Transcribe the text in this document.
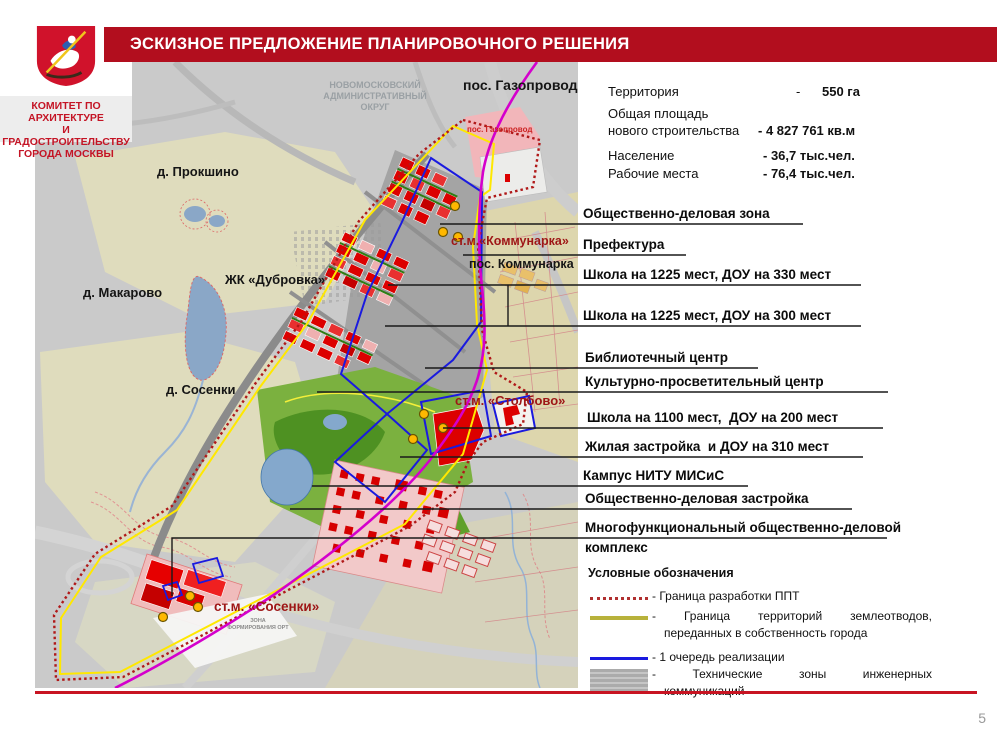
НОВОМОСКОВСКИЙ
АДМИНИСТРАТИВНЫЙ
ОКРУГ
пос. Газопровод
пос. Газопровод
д. Прокшино
ЖК «Дубровка»
д. Макарово
д. Сосенки
ст.м.«Коммунарка»
пос. Коммунарка
ст.м. «Столбово»
ст.м. «Сосенки»
ЗОНА
ФОРМИРОВАНИЯ ОРТ
КОМИТЕТ ПО АРХИТЕКТУРЕ
И ГРАДОСТРОИТЕЛЬСТВУ
ГОРОДА МОСКВЫ
ЭСКИЗНОЕ ПРЕДЛОЖЕНИЕ ПЛАНИРОВОЧНОГО РЕШЕНИЯ
Территория	- 550 га
Общая площадь
нового строительства - 4 827 761 кв.м
Население	- 36,7 тыс.чел.
Рабочие места	- 76,4 тыс.чел.
Общественно-деловая зона
Префектура
Школа на 1225 мест, ДОУ на 330 мест
Школа на 1225 мест, ДОУ на 300 мест
Библиотечный центр
Культурно-просветительный центр
Школа на 1100 мест,  ДОУ на 200 мест
Жилая застройка  и ДОУ на 310 мест
Кампус НИТУ МИСиС
Общественно-деловая застройка
Многофункциональный общественно-деловой комплекс
Условные обозначения
- Граница разработки ППТ
- Граница территорий землеотводов,
переданных в собственность города
- 1 очередь реализации
- Технические зоны инженерных
5
